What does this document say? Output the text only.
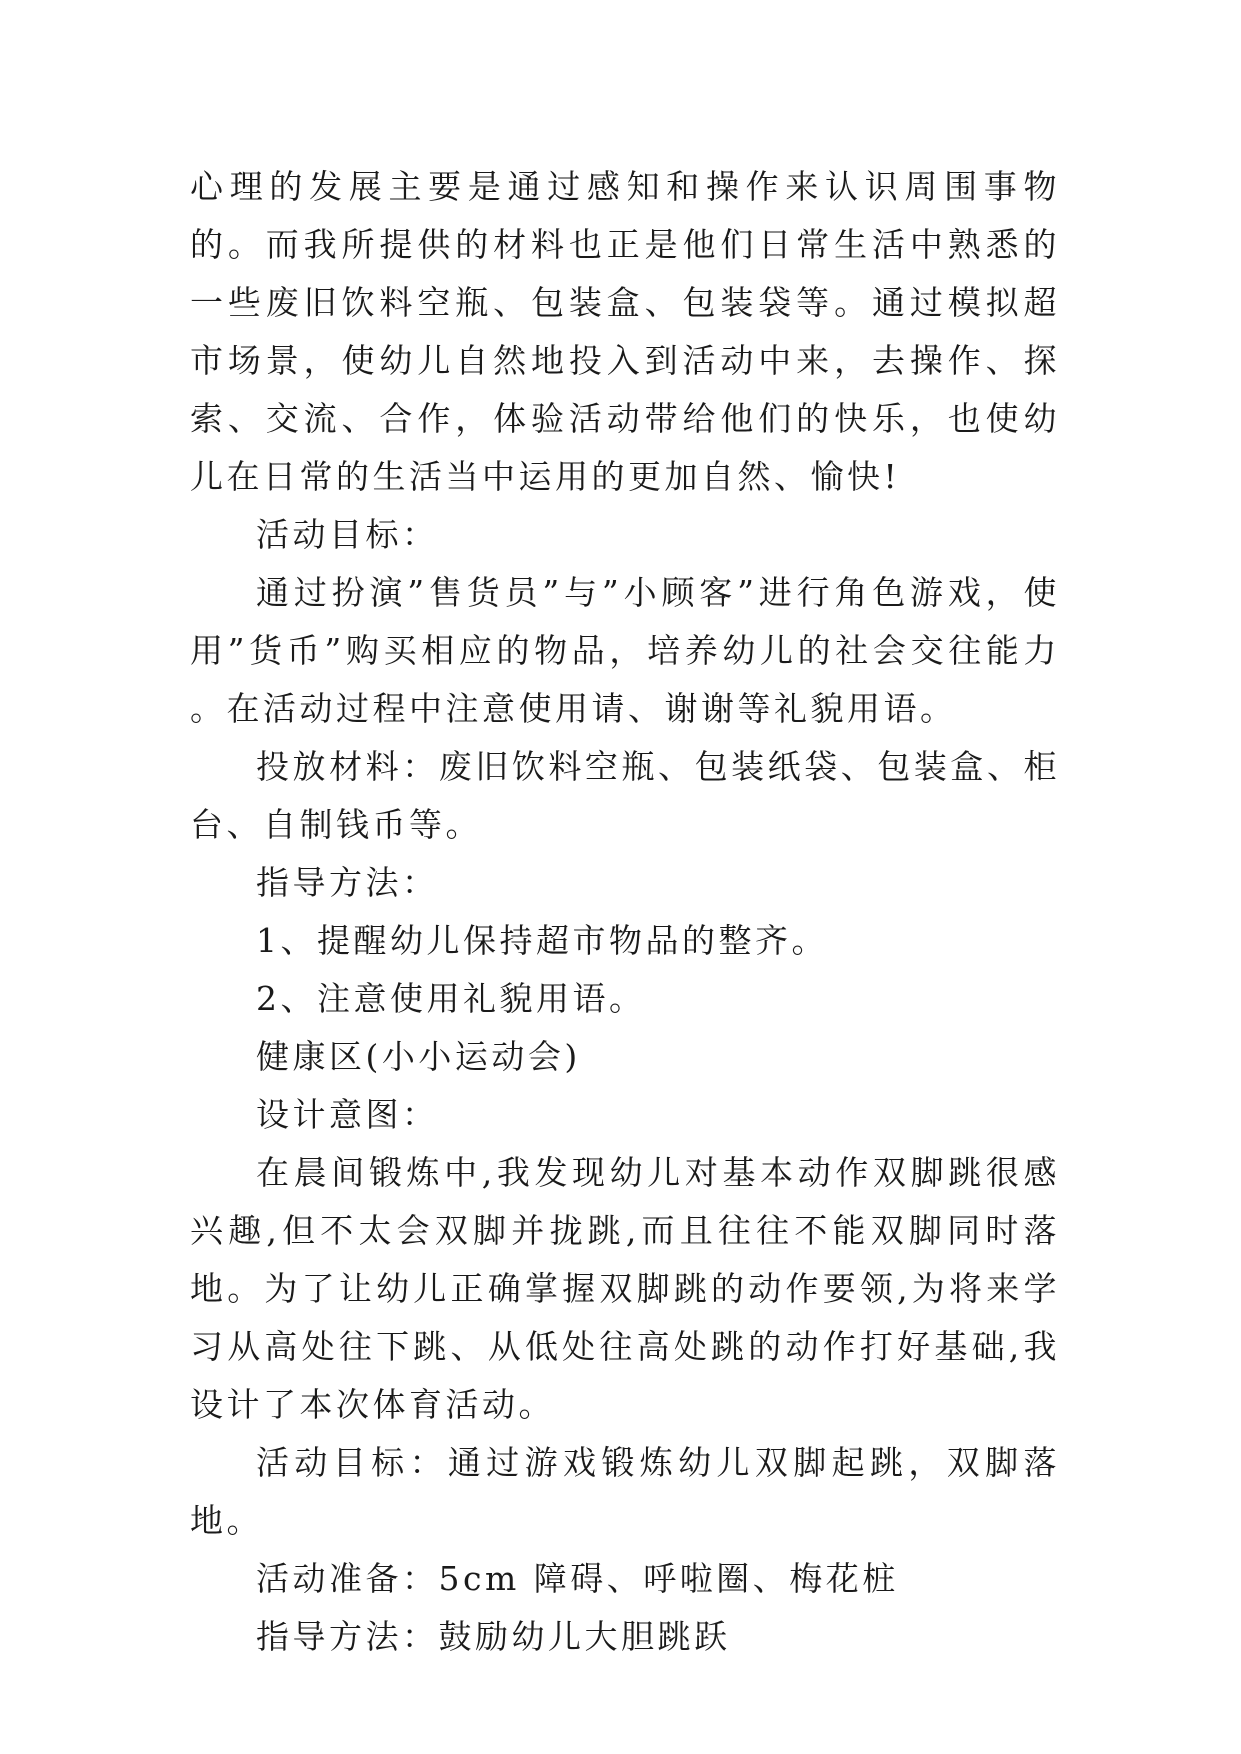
心理的发展主要是通过感知和操作来认识周围事物的。而我所提供的材料也正是他们日常生活中熟悉的一些废旧饮料空瓶、包装盒、包装袋等。通过模拟超市场景，使幼儿自然地投入到活动中来，去操作、探索、交流、合作，体验活动带给他们的快乐，也使幼儿在日常的生活当中运用的更加自然、愉快!

活动目标：

通过扮演”售货员”与”小顾客”进行角色游戏，使用”货币”购买相应的物品，培养幼儿的社会交往能力 。在活动过程中注意使用请、谢谢等礼貌用语。

投放材料：废旧饮料空瓶、包装纸袋、包装盒、柜台、自制钱币等。

指导方法：

1、提醒幼儿保持超市物品的整齐。

2、注意使用礼貌用语。

健康区(小小运动会)

设计意图：

在晨间锻炼中,我发现幼儿对基本动作双脚跳很感兴趣,但不太会双脚并拢跳,而且往往不能双脚同时落地。为了让幼儿正确掌握双脚跳的动作要领,为将来学习从高处往下跳、从低处往高处跳的动作打好基础,我设计了本次体育活动。

活动目标：通过游戏锻炼幼儿双脚起跳，双脚落地。

活动准备：5cm 障碍、呼啦圈、梅花桩

指导方法：鼓励幼儿大胆跳跃
